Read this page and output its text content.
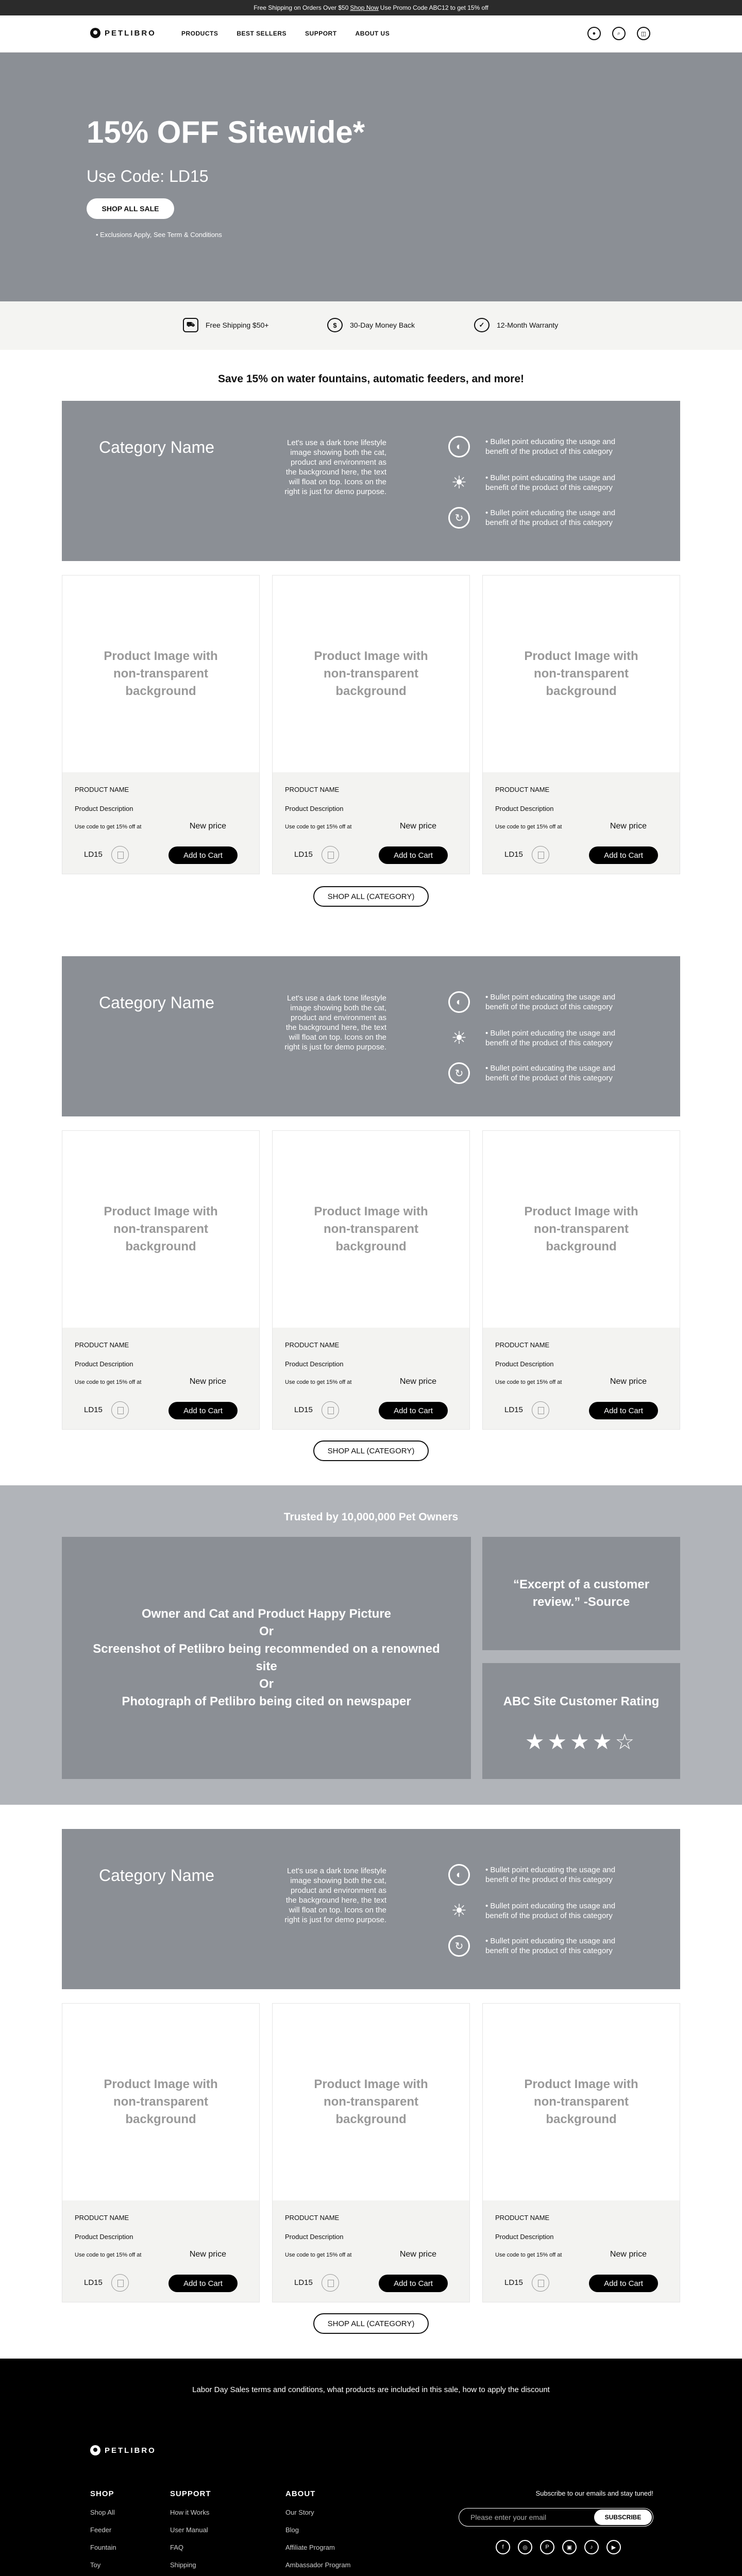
Free Shipping on Orders Over $50 Shop Now Use Promo Code ABC12 to get 15% off
PETLIBRO	PRODUCTS	BEST SELLERS	SUPPORT	ABOUT US	●	⌕	◫
15% OFF Sitewide*
Use Code: LD15
SHOP ALL SALE
• Exclusions Apply, See Term & Conditions
⛟	Free Shipping $50+	$	30-Day Money Back	✓	12-Month Warranty
Save 15% on water fountains, automatic feeders, and more!
Category Name	Let's use a dark tone lifestyle image showing both the cat, product and environment as the background here, the text will float on top. Icons on the right is just for demo purpose.
◐	• Bullet point educating the usage and benefit of the product of this category
☀	• Bullet point educating the usage and benefit of the product of this category
↻	• Bullet point educating the usage and benefit of the product of this category
Product Image with non-transparent background
PRODUCT NAME
Product Description
Use code to get 15% off at	New price
LD15	Add to Cart
Product Image with non-transparent background
PRODUCT NAME
Product Description
Use code to get 15% off at	New price
LD15	Add to Cart
Product Image with non-transparent background
PRODUCT NAME
Product Description
Use code to get 15% off at	New price
LD15	Add to Cart
SHOP ALL (CATEGORY)
Category Name	Let's use a dark tone lifestyle image showing both the cat, product and environment as the background here, the text will float on top. Icons on the right is just for demo purpose.
◐	• Bullet point educating the usage and benefit of the product of this category
☀	• Bullet point educating the usage and benefit of the product of this category
↻	• Bullet point educating the usage and benefit of the product of this category
Product Image with non-transparent background
PRODUCT NAME
Product Description
Use code to get 15% off at	New price
LD15	Add to Cart
Product Image with non-transparent background
PRODUCT NAME
Product Description
Use code to get 15% off at	New price
LD15	Add to Cart
Product Image with non-transparent background
PRODUCT NAME
Product Description
Use code to get 15% off at	New price
LD15	Add to Cart
SHOP ALL (CATEGORY)
Trusted by 10,000,000 Pet Owners
Owner and Cat and Product Happy Picture
Or
Screenshot of Petlibro being recommended on a renowned site
Or
Photograph of Petlibro being cited on newspaper
“Excerpt of a customer review.” -Source
ABC Site Customer Rating
★★★★☆
Category Name	Let's use a dark tone lifestyle image showing both the cat, product and environment as the background here, the text will float on top. Icons on the right is just for demo purpose.
◐	• Bullet point educating the usage and benefit of the product of this category
☀	• Bullet point educating the usage and benefit of the product of this category
↻	• Bullet point educating the usage and benefit of the product of this category
Product Image with non-transparent background
PRODUCT NAME
Product Description
Use code to get 15% off at	New price
LD15	Add to Cart
Product Image with non-transparent background
PRODUCT NAME
Product Description
Use code to get 15% off at	New price
LD15	Add to Cart
Product Image with non-transparent background
PRODUCT NAME
Product Description
Use code to get 15% off at	New price
LD15	Add to Cart
SHOP ALL (CATEGORY)
Labor Day Sales terms and conditions, what products are included in this sale, how to apply the discount
PETLIBRO
SHOP
Shop All
Feeder
Fountain
Toy
SUPPORT
How it Works
User Manual
FAQ
Shipping
ABOUT
Our Story
Blog
Affiliate Program
Ambassador Program
Subscribe to our emails and stay tuned!
Please enter your email
SUBSCRIBE
f	◎	P	▣	♪	▶
